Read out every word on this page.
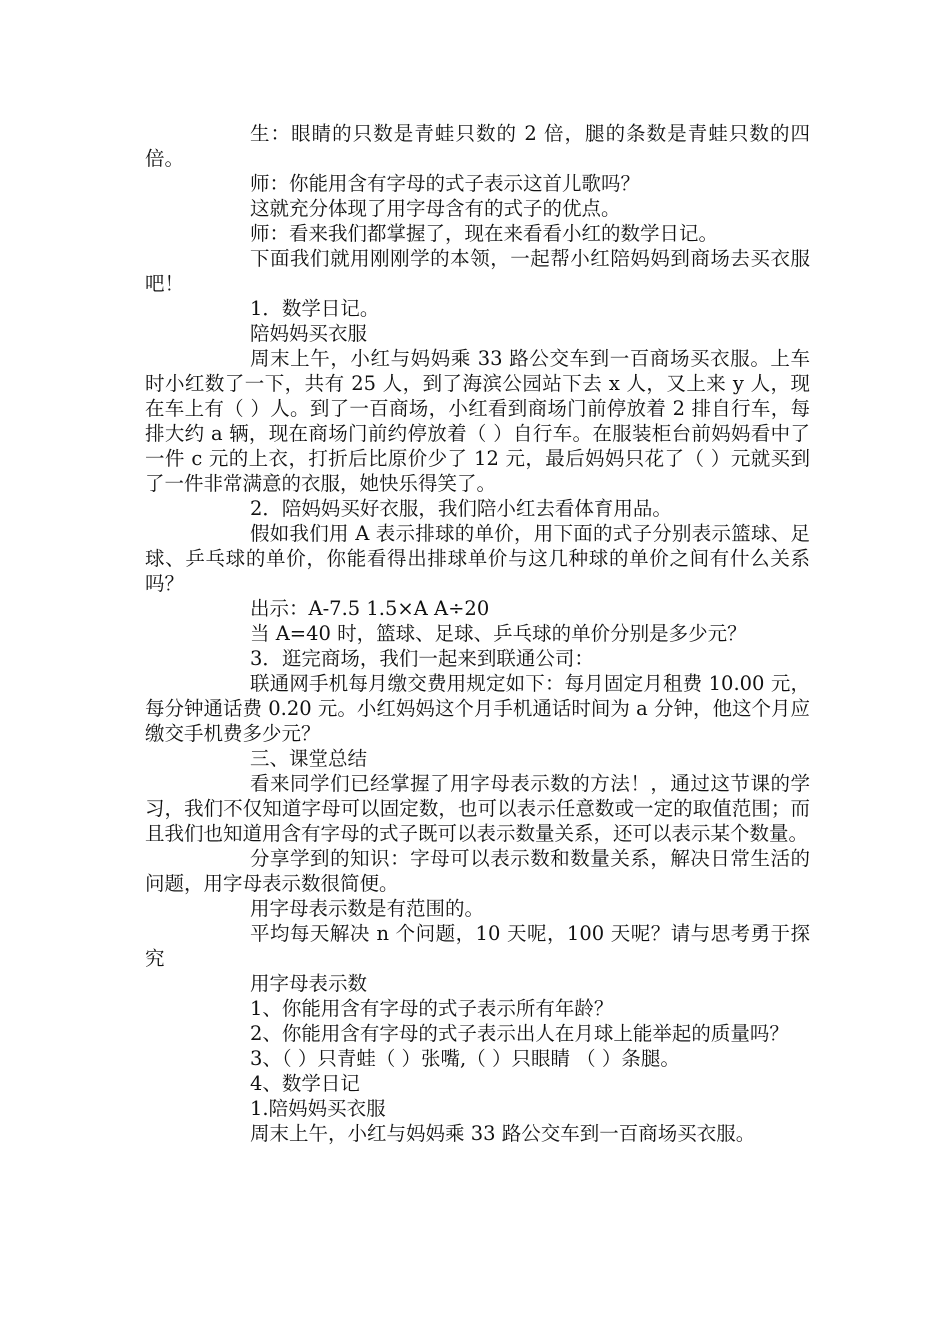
生：眼睛的只数是青蛙只数的 2 倍，腿的条数是青蛙只数的四倍。

师：你能用含有字母的式子表示这首儿歌吗？

这就充分体现了用字母含有的式子的优点。

师：看来我们都掌握了，现在来看看小红的数学日记。

下面我们就用刚刚学的本领，一起帮小红陪妈妈到商场去买衣服吧！

1．数学日记。

陪妈妈买衣服

周末上午，小红与妈妈乘 33 路公交车到一百商场买衣服。上车时小红数了一下，共有 25 人，到了海滨公园站下去 x 人，又上来 y 人，现在车上有（ ）人。到了一百商场，小红看到商场门前停放着 2 排自行车，每排大约 a 辆，现在商场门前约停放着（ ）自行车。在服装柜台前妈妈看中了一件 c 元的上衣，打折后比原价少了 12 元，最后妈妈只花了（ ）元就买到了一件非常满意的衣服，她快乐得笑了。

2．陪妈妈买好衣服，我们陪小红去看体育用品。

假如我们用 A 表示排球的单价，用下面的式子分别表示篮球、足球、乒乓球的单价，你能看得出排球单价与这几种球的单价之间有什么关系吗？

出示：A-7.5 1.5×A A÷20

当 A=40 时，篮球、足球、乒乓球的单价分别是多少元？

3．逛完商场，我们一起来到联通公司：

联通网手机每月缴交费用规定如下：每月固定月租费 10.00 元，每分钟通话费 0.20 元。小红妈妈这个月手机通话时间为 a 分钟，他这个月应缴交手机费多少元？

三、课堂总结

看来同学们已经掌握了用字母表示数的方法！，通过这节课的学习，我们不仅知道字母可以固定数，也可以表示任意数或一定的取值范围；而且我们也知道用含有字母的式子既可以表示数量关系，还可以表示某个数量。

分享学到的知识：字母可以表示数和数量关系，解决日常生活的问题，用字母表示数很简便。

用字母表示数是有范围的。

平均每天解决 n 个问题，10 天呢，100 天呢？请与思考勇于探究

用字母表示数

1、你能用含有字母的式子表示所有年龄？

2、你能用含有字母的式子表示出人在月球上能举起的质量吗？

3、（ ）只青蛙（ ）张嘴,（ ）只眼睛 （ ）条腿。

4、数学日记

1.陪妈妈买衣服

周末上午，小红与妈妈乘 33 路公交车到一百商场买衣服。
